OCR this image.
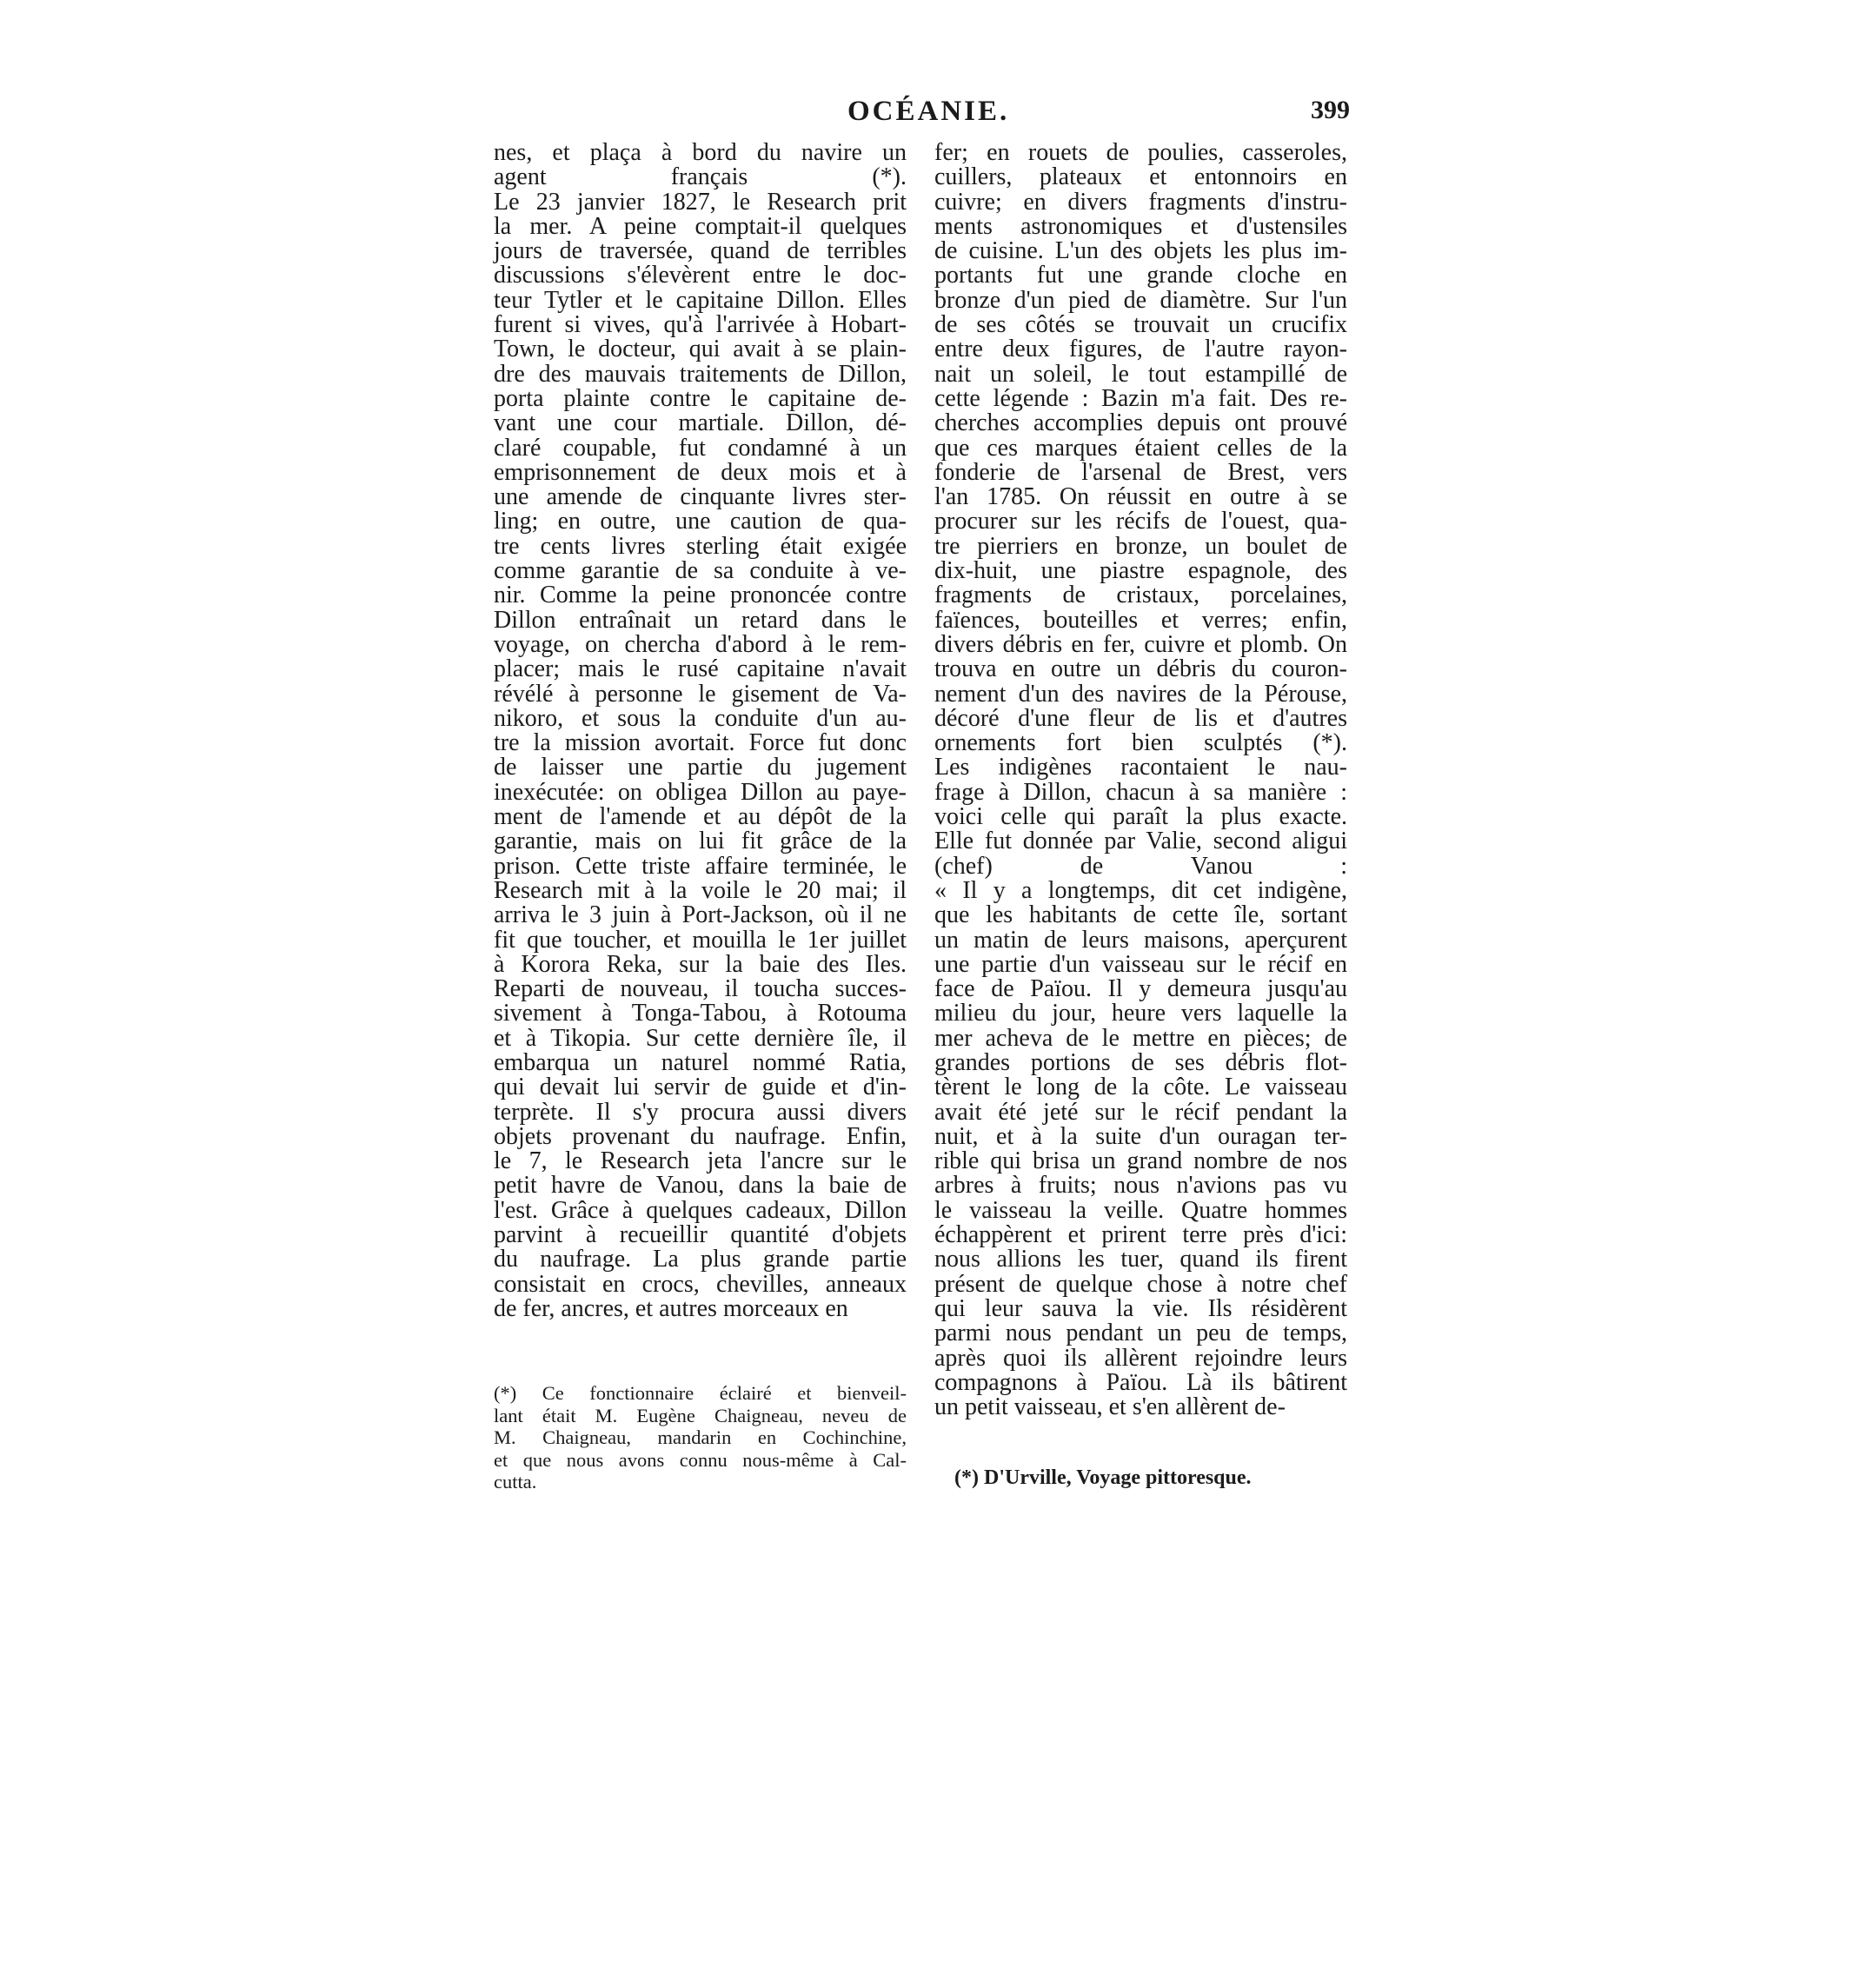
OCÉANIE.	399
nes, et plaça à bord du navire un
agent français (*).
Le 23 janvier 1827, le Research prit
la mer. A peine comptait-il quelques
jours de traversée, quand de terribles
discussions s'élevèrent entre le doc-
teur Tytler et le capitaine Dillon. Elles
furent si vives, qu'à l'arrivée à Hobart-
Town, le docteur, qui avait à se plain-
dre des mauvais traitements de Dillon,
porta plainte contre le capitaine de-
vant une cour martiale. Dillon, dé-
claré coupable, fut condamné à un
emprisonnement de deux mois et à
une amende de cinquante livres ster-
ling; en outre, une caution de qua-
tre cents livres sterling était exigée
comme garantie de sa conduite à ve-
nir. Comme la peine prononcée contre
Dillon entraînait un retard dans le
voyage, on chercha d'abord à le rem-
placer; mais le rusé capitaine n'avait
révélé à personne le gisement de Va-
nikoro, et sous la conduite d'un au-
tre la mission avortait. Force fut donc
de laisser une partie du jugement
inexécutée: on obligea Dillon au paye-
ment de l'amende et au dépôt de la
garantie, mais on lui fit grâce de la
prison. Cette triste affaire terminée, le
Research mit à la voile le 20 mai; il
arriva le 3 juin à Port-Jackson, où il ne
fit que toucher, et mouilla le 1er juillet
à Korora Reka, sur la baie des Iles.
Reparti de nouveau, il toucha succes-
sivement à Tonga-Tabou, à Rotouma
et à Tikopia. Sur cette dernière île, il
embarqua un naturel nommé Ratia,
qui devait lui servir de guide et d'in-
terprète. Il s'y procura aussi divers
objets provenant du naufrage. Enfin,
le 7, le Research jeta l'ancre sur le
petit havre de Vanou, dans la baie de
l'est. Grâce à quelques cadeaux, Dillon
parvint à recueillir quantité d'objets
du naufrage. La plus grande partie
consistait en crocs, chevilles, anneaux
de fer, ancres, et autres morceaux en
(*) Ce fonctionnaire éclairé et bienveil-
lant était M. Eugène Chaigneau, neveu de
M. Chaigneau, mandarin en Cochinchine,
et que nous avons connu nous-même à Cal-
cutta.
fer; en rouets de poulies, casseroles,
cuillers, plateaux et entonnoirs en
cuivre; en divers fragments d'instru-
ments astronomiques et d'ustensiles
de cuisine. L'un des objets les plus im-
portants fut une grande cloche en
bronze d'un pied de diamètre. Sur l'un
de ses côtés se trouvait un crucifix
entre deux figures, de l'autre rayon-
nait un soleil, le tout estampillé de
cette légende : Bazin m'a fait. Des re-
cherches accomplies depuis ont prouvé
que ces marques étaient celles de la
fonderie de l'arsenal de Brest, vers
l'an 1785. On réussit en outre à se
procurer sur les récifs de l'ouest, qua-
tre pierriers en bronze, un boulet de
dix-huit, une piastre espagnole, des
fragments de cristaux, porcelaines,
faïences, bouteilles et verres; enfin,
divers débris en fer, cuivre et plomb. On
trouva en outre un débris du couron-
nement d'un des navires de la Pérouse,
décoré d'une fleur de lis et d'autres
ornements fort bien sculptés (*).
Les indigènes racontaient le nau-
frage à Dillon, chacun à sa manière :
voici celle qui paraît la plus exacte.
Elle fut donnée par Valie, second aligui
(chef) de Vanou :
« Il y a longtemps, dit cet indigène,
que les habitants de cette île, sortant
un matin de leurs maisons, aperçurent
une partie d'un vaisseau sur le récif en
face de Païou. Il y demeura jusqu'au
milieu du jour, heure vers laquelle la
mer acheva de le mettre en pièces; de
grandes portions de ses débris flot-
tèrent le long de la côte. Le vaisseau
avait été jeté sur le récif pendant la
nuit, et à la suite d'un ouragan ter-
rible qui brisa un grand nombre de nos
arbres à fruits; nous n'avions pas vu
le vaisseau la veille. Quatre hommes
échappèrent et prirent terre près d'ici:
nous allions les tuer, quand ils firent
présent de quelque chose à notre chef
qui leur sauva la vie. Ils résidèrent
parmi nous pendant un peu de temps,
après quoi ils allèrent rejoindre leurs
compagnons à Païou. Là ils bâtirent
un petit vaisseau, et s'en allèrent de-
(*) D'Urville, Voyage pittoresque.
